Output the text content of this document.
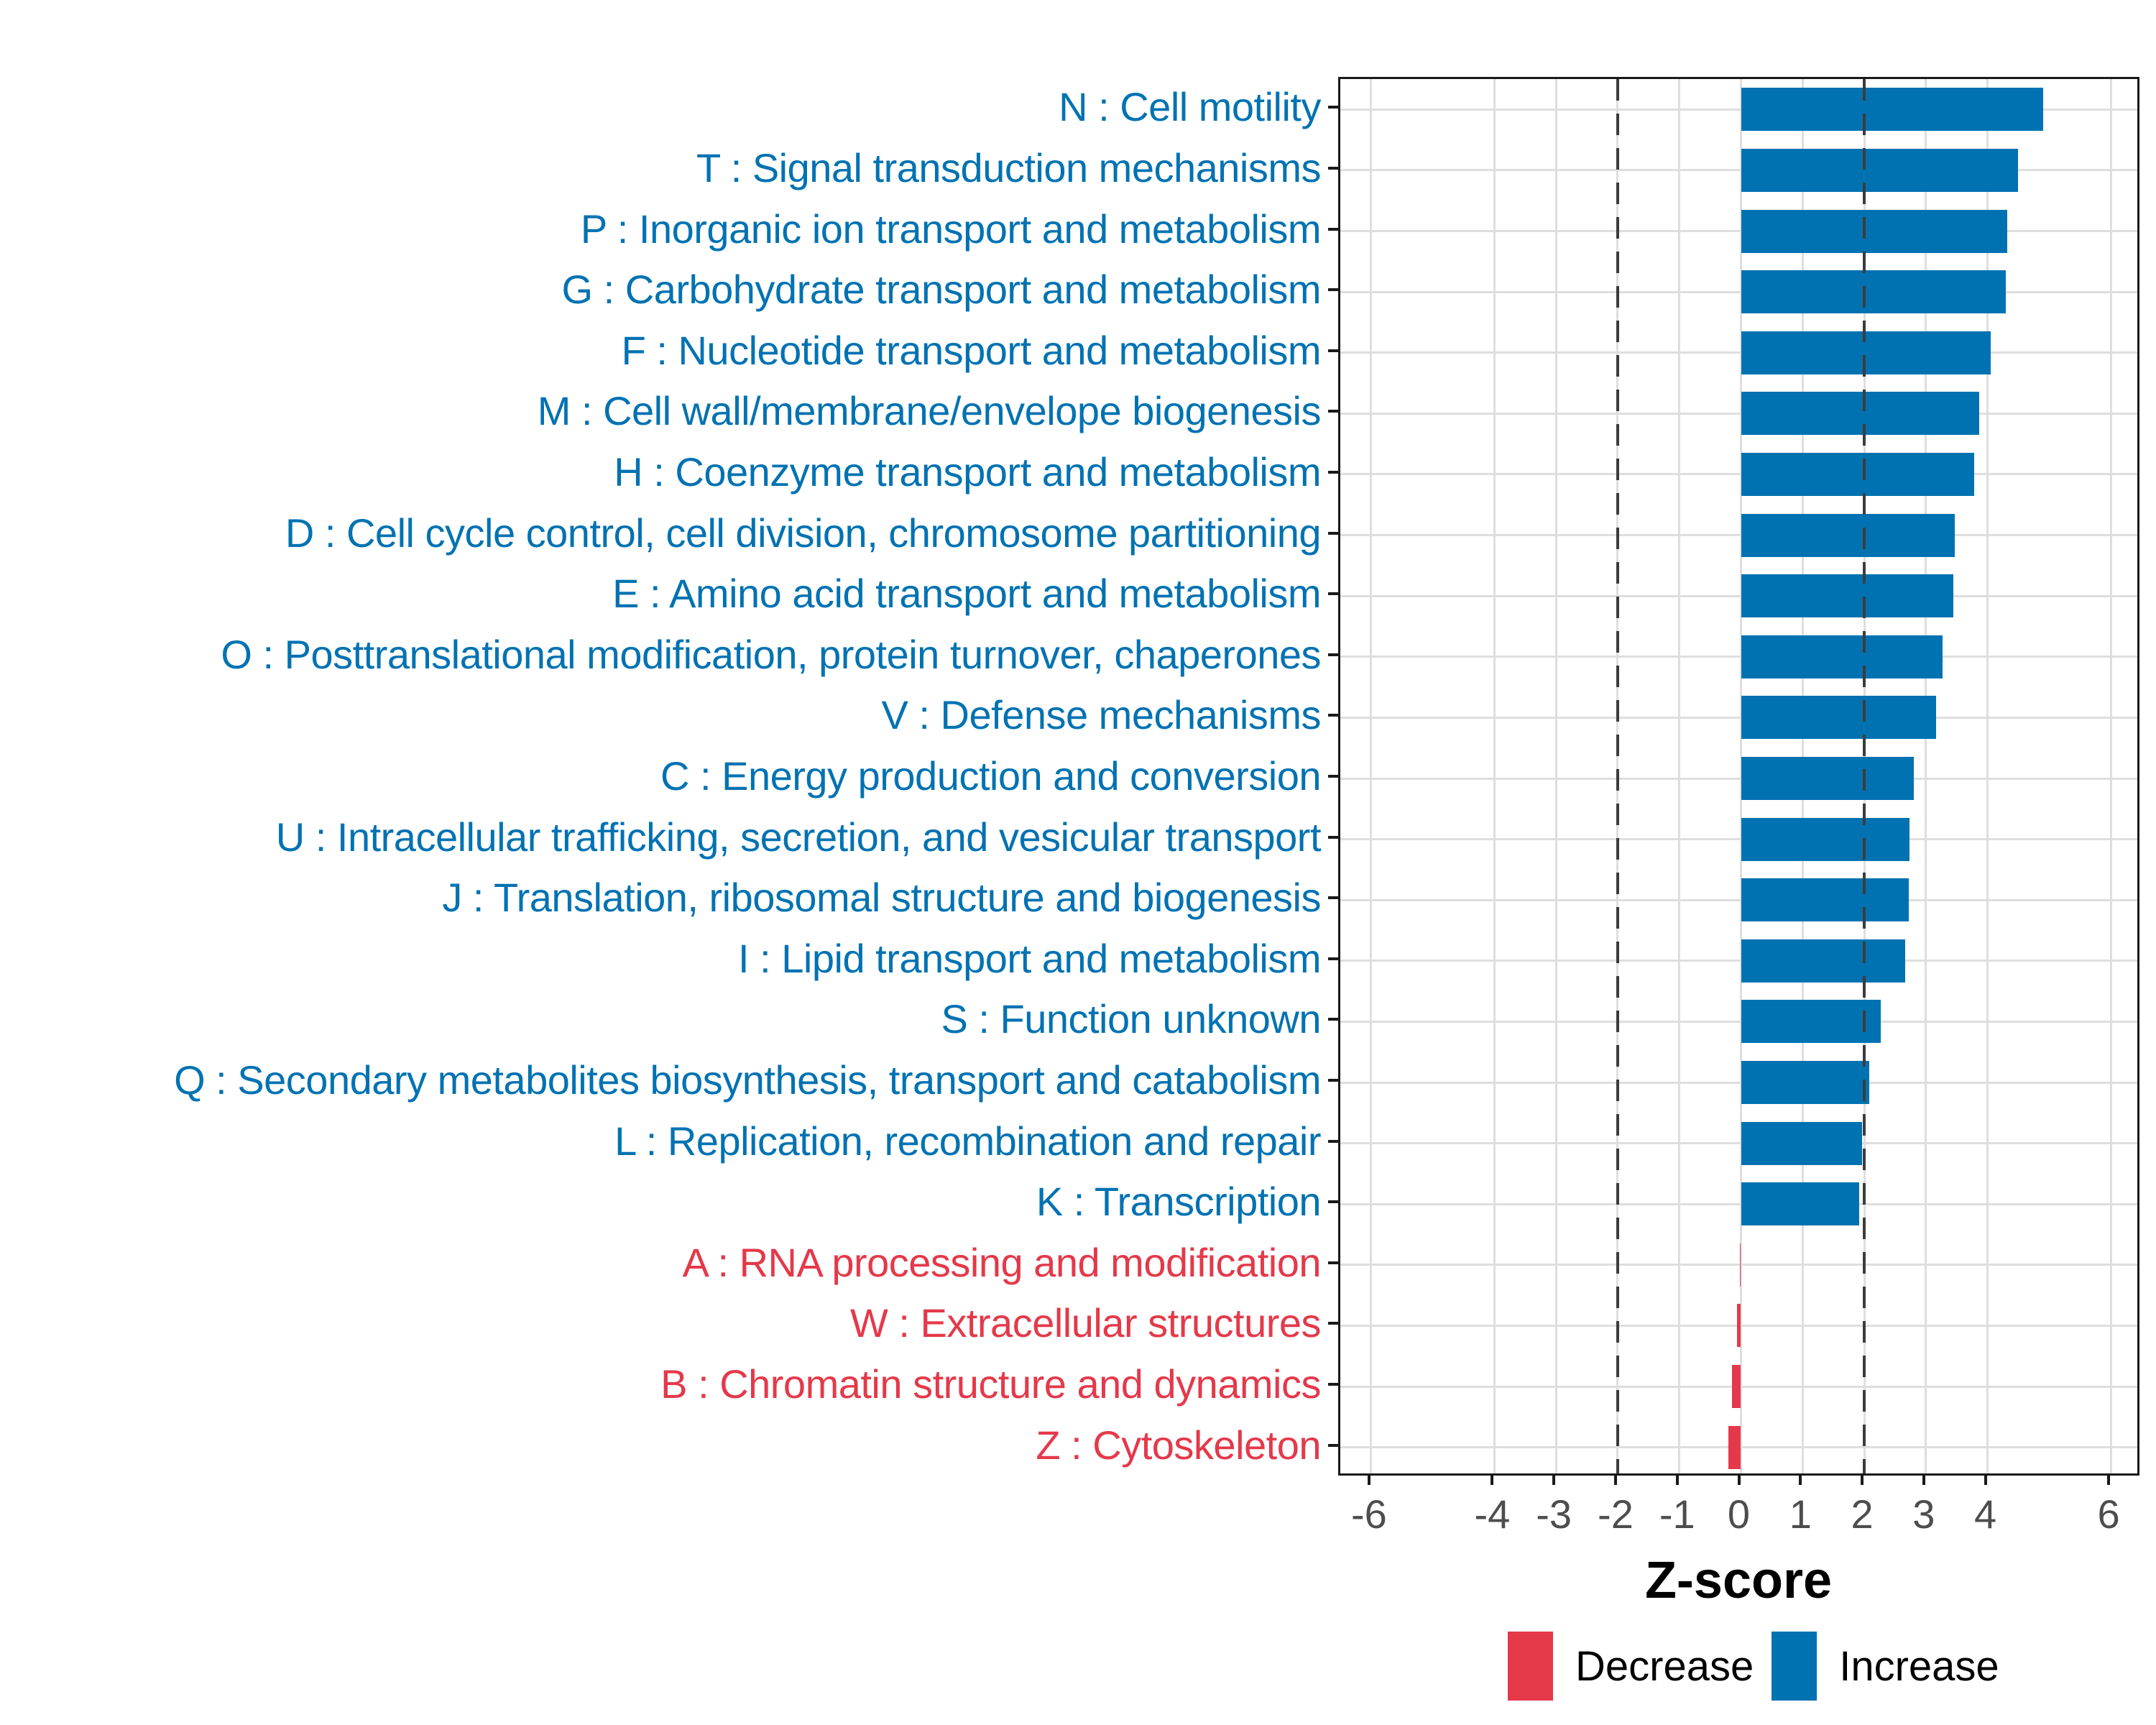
Z-score
Decrease Increase
-6	-4 -3 -2 -1 0 1 2 3 4	6
N : Cell motility
T : Signal transduction mechanisms
P : Inorganic ion transport and metabolism
G : Carbohydrate transport and metabolism
F : Nucleotide transport and metabolism
M : Cell wall/membrane/envelope biogenesis
H : Coenzyme transport and metabolism
D : Cell cycle control, cell division, chromosome partitioning
E : Amino acid transport and metabolism
O : Posttranslational modification, protein turnover, chaperones
V : Defense mechanisms
C : Energy production and conversion
U : Intracellular trafficking, secretion, and vesicular transport
J : Translation, ribosomal structure and biogenesis
I : Lipid transport and metabolism
S : Function unknown
Q : Secondary metabolites biosynthesis, transport and catabolism
L : Replication, recombination and repair
K : Transcription
A : RNA processing and modification
W : Extracellular structures
B : Chromatin structure and dynamics
Z : Cytoskeleton
